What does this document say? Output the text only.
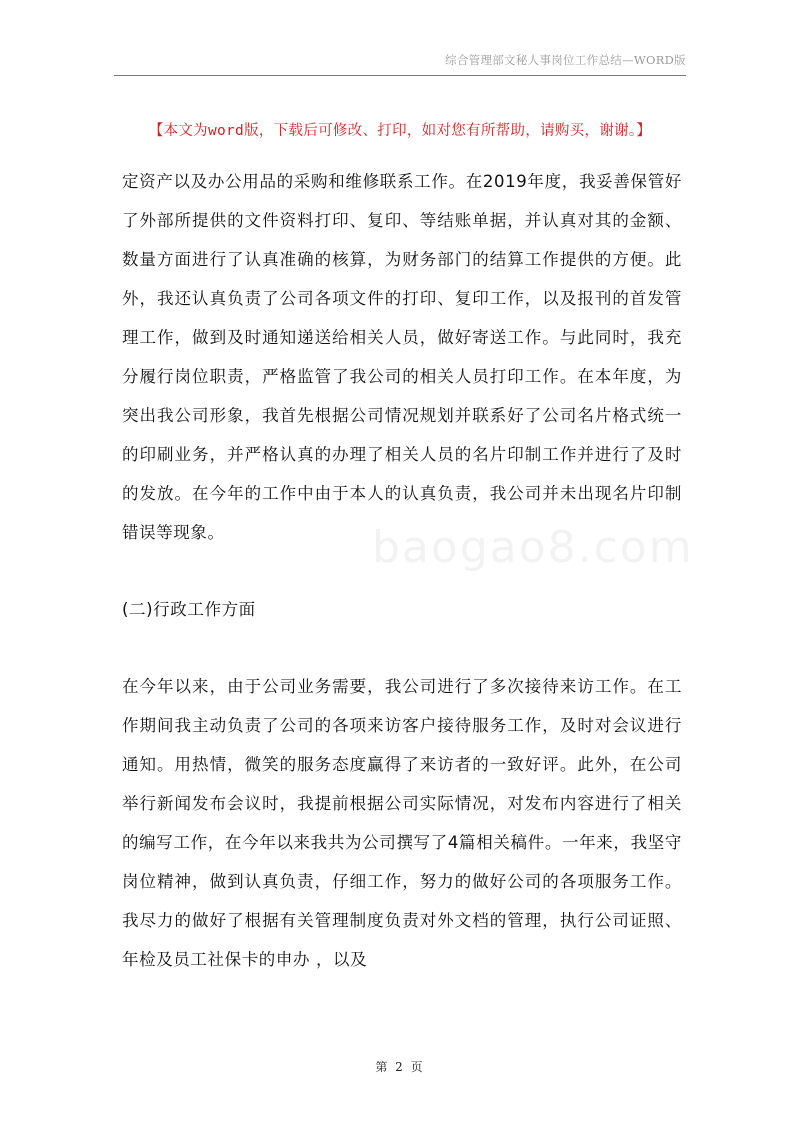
综合管理部文秘人事岗位工作总结—WORD版
【本文为word版，下载后可修改、打印，如对您有所帮助，请购买，谢谢。】
baogao8.com

定资产以及办公用品的采购和维修联系工作。在2019年度，我妥善保管好了外部所提供的文件资料打印、复印、等结账单据，并认真对其的金额、数量方面进行了认真准确的核算，为财务部门的结算工作提供的方便。此外，我还认真负责了公司各项文件的打印、复印工作，以及报刊的首发管理工作，做到及时通知递送给相关人员，做好寄送工作。与此同时，我充分履行岗位职责，严格监管了我公司的相关人员打印工作。在本年度，为突出我公司形象，我首先根据公司情况规划并联系好了公司名片格式统一的印刷业务，并严格认真的办理了相关人员的名片印制工作并进行了及时的发放。在今年的工作中由于本人的认真负责，我公司并未出现名片印制错误等现象。

(二)行政工作方面

在今年以来，由于公司业务需要，我公司进行了多次接待来访工作。在工作期间我主动负责了公司的各项来访客户接待服务工作，及时对会议进行通知。用热情，微笑的服务态度赢得了来访者的一致好评。此外，在公司举行新闻发布会议时，我提前根据公司实际情况，对发布内容进行了相关的编写工作，在今年以来我共为公司撰写了4篇相关稿件。一年来，我坚守岗位精神，做到认真负责，仔细工作，努力的做好公司的各项服务工作。我尽力的做好了根据有关管理制度负责对外文档的管理，执行公司证照、年检及员工社保卡的申办 ，以及

第 2 页
